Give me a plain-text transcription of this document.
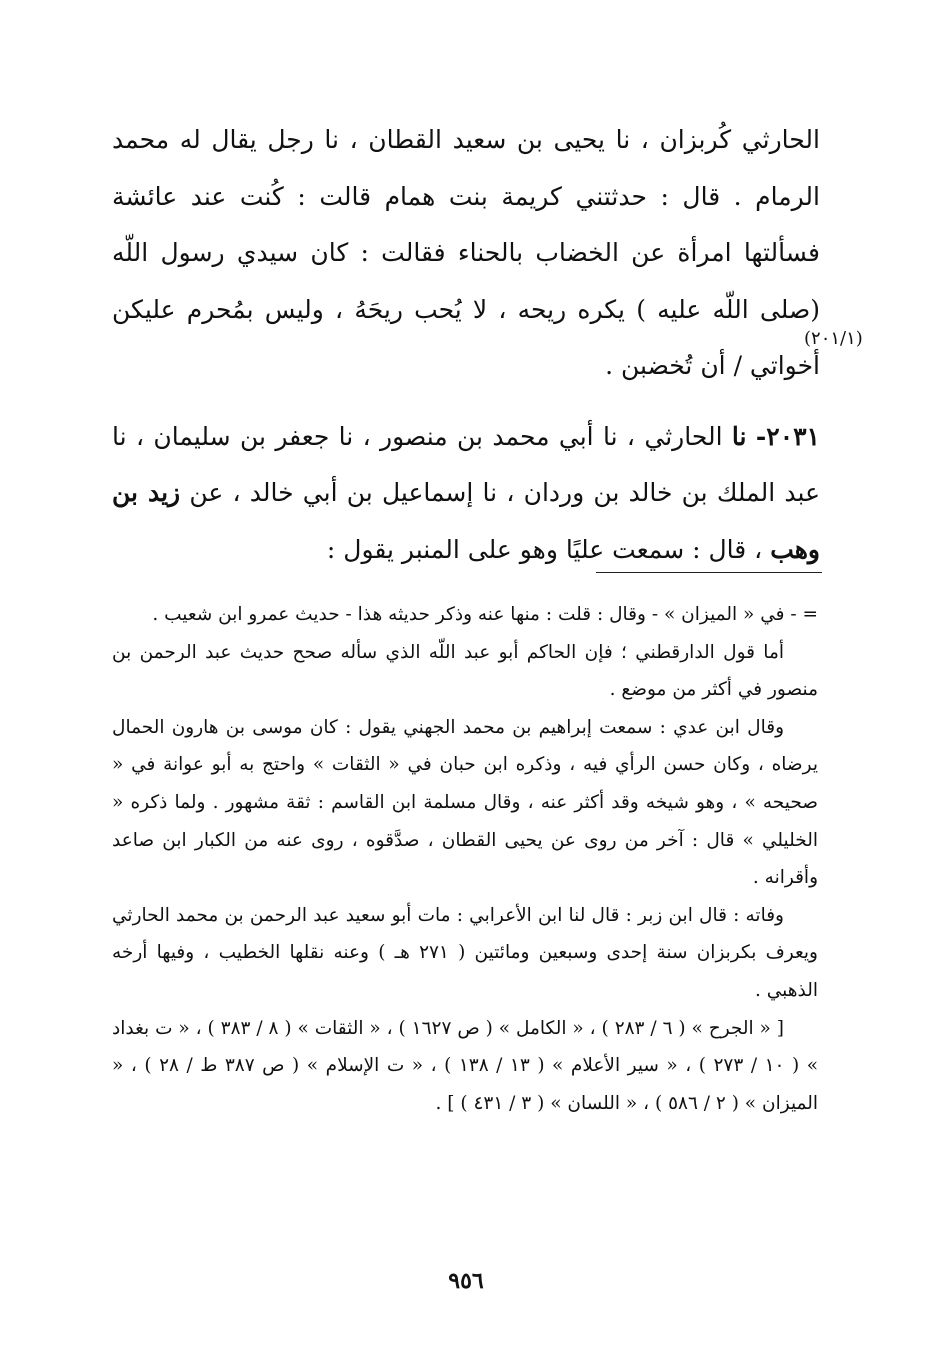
الحارثي كُربزان ، نا يحيى بن سعيد القطان ، نا رجل يقال له محمد الرمام . قال : حدثتني كريمة بنت همام قالت : كُنت عند عائشة فسألتها امرأة عن الخضاب بالحناء فقالت : كان سيدي رسول اللّه (صلى اللّه عليه ) يكره ريحه ، لا يُحب ريحَهُ ، وليس بمُحرم عليكن أخواتي / أن تُخضبن .

٢٠٣١- نا الحارثي ، نا أبي محمد بن منصور ، نا جعفر بن سليمان ، نا عبد الملك بن خالد بن وردان ، نا إسماعيل بن أبي خالد ، عن زيد بن وهب ، قال : سمعت عليًا وهو على المنبر يقول :

(٢٠١/١)

= - في « الميزان » - وقال : قلت : منها عنه وذكر حديثه هذا - حديث عمرو ابن شعيب .

أما قول الدارقطني ؛ فإن الحاكم أبو عبد اللّه الذي سأله صحح حديث عبد الرحمن بن منصور في أكثر من موضع .

وقال ابن عدي : سمعت إبراهيم بن محمد الجهني يقول : كان موسى بن هارون الحمال يرضاه ، وكان حسن الرأي فيه ، وذكره ابن حبان في « الثقات » واحتج به أبو عوانة في « صحيحه » ، وهو شيخه وقد أكثر عنه ، وقال مسلمة ابن القاسم : ثقة مشهور . ولما ذكره « الخليلي » قال : آخر من روى عن يحيى القطان ، صدَّقوه ، روى عنه من الكبار ابن صاعد وأقرانه .

وفاته : قال ابن زبر : قال لنا ابن الأعرابي : مات أبو سعيد عبد الرحمن بن محمد الحارثي ويعرف بكربزان سنة إحدى وسبعين ومائتين ( ٢٧١ هـ ) وعنه نقلها الخطيب ، وفيها أرخه الذهبي .

[ « الجرح » ( ٦ / ٢٨٣ ) ، « الكامل » ( ص ١٦٢٧ ) ، « الثقات » ( ٨ / ٣٨٣ ) ، « ت بغداد » ( ١٠ / ٢٧٣ ) ، « سير الأعلام » ( ١٣ / ١٣٨ ) ، « ت الإسلام » ( ص ٣٨٧ ط / ٢٨ ) ، « الميزان » ( ٢ / ٥٨٦ ) ، « اللسان » ( ٣ / ٤٣١ ) ] .

٩٥٦
